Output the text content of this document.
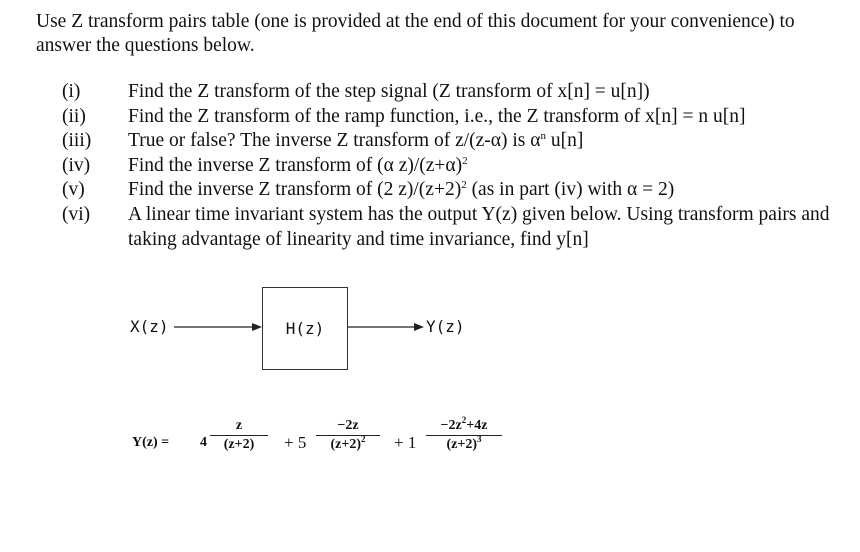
Use Z transform pairs table (one is provided at the end of this document for your convenience) to answer the questions below.

(i)	Find the Z transform of the step signal (Z transform of x[n] = u[n])
(ii)	Find the Z transform of the ramp function, i.e., the Z transform of x[n] = n u[n]
(iii)	True or false? The inverse Z transform of z/(z-α) is $\alpha^n$ u[n]
(iv)	Find the inverse Z transform of (α $z)/(z+\alpha)^2$
(v)	Find the inverse Z transform of (2 $z)/(z+2)^2$ (as in part (iv) with α = 2)
(vi)	A linear time invariant system has the output Y(z) given below. Using transform pairs and taking advantage of linearity and time invariance, find y[n]
X(z)	H(z)	Y(z)
Y(z) = 4
z
(z+2)	+ 5
−2z
$(z+2)^2$	+ 1
$-2z^2+4z$
$(z+2)^3$
